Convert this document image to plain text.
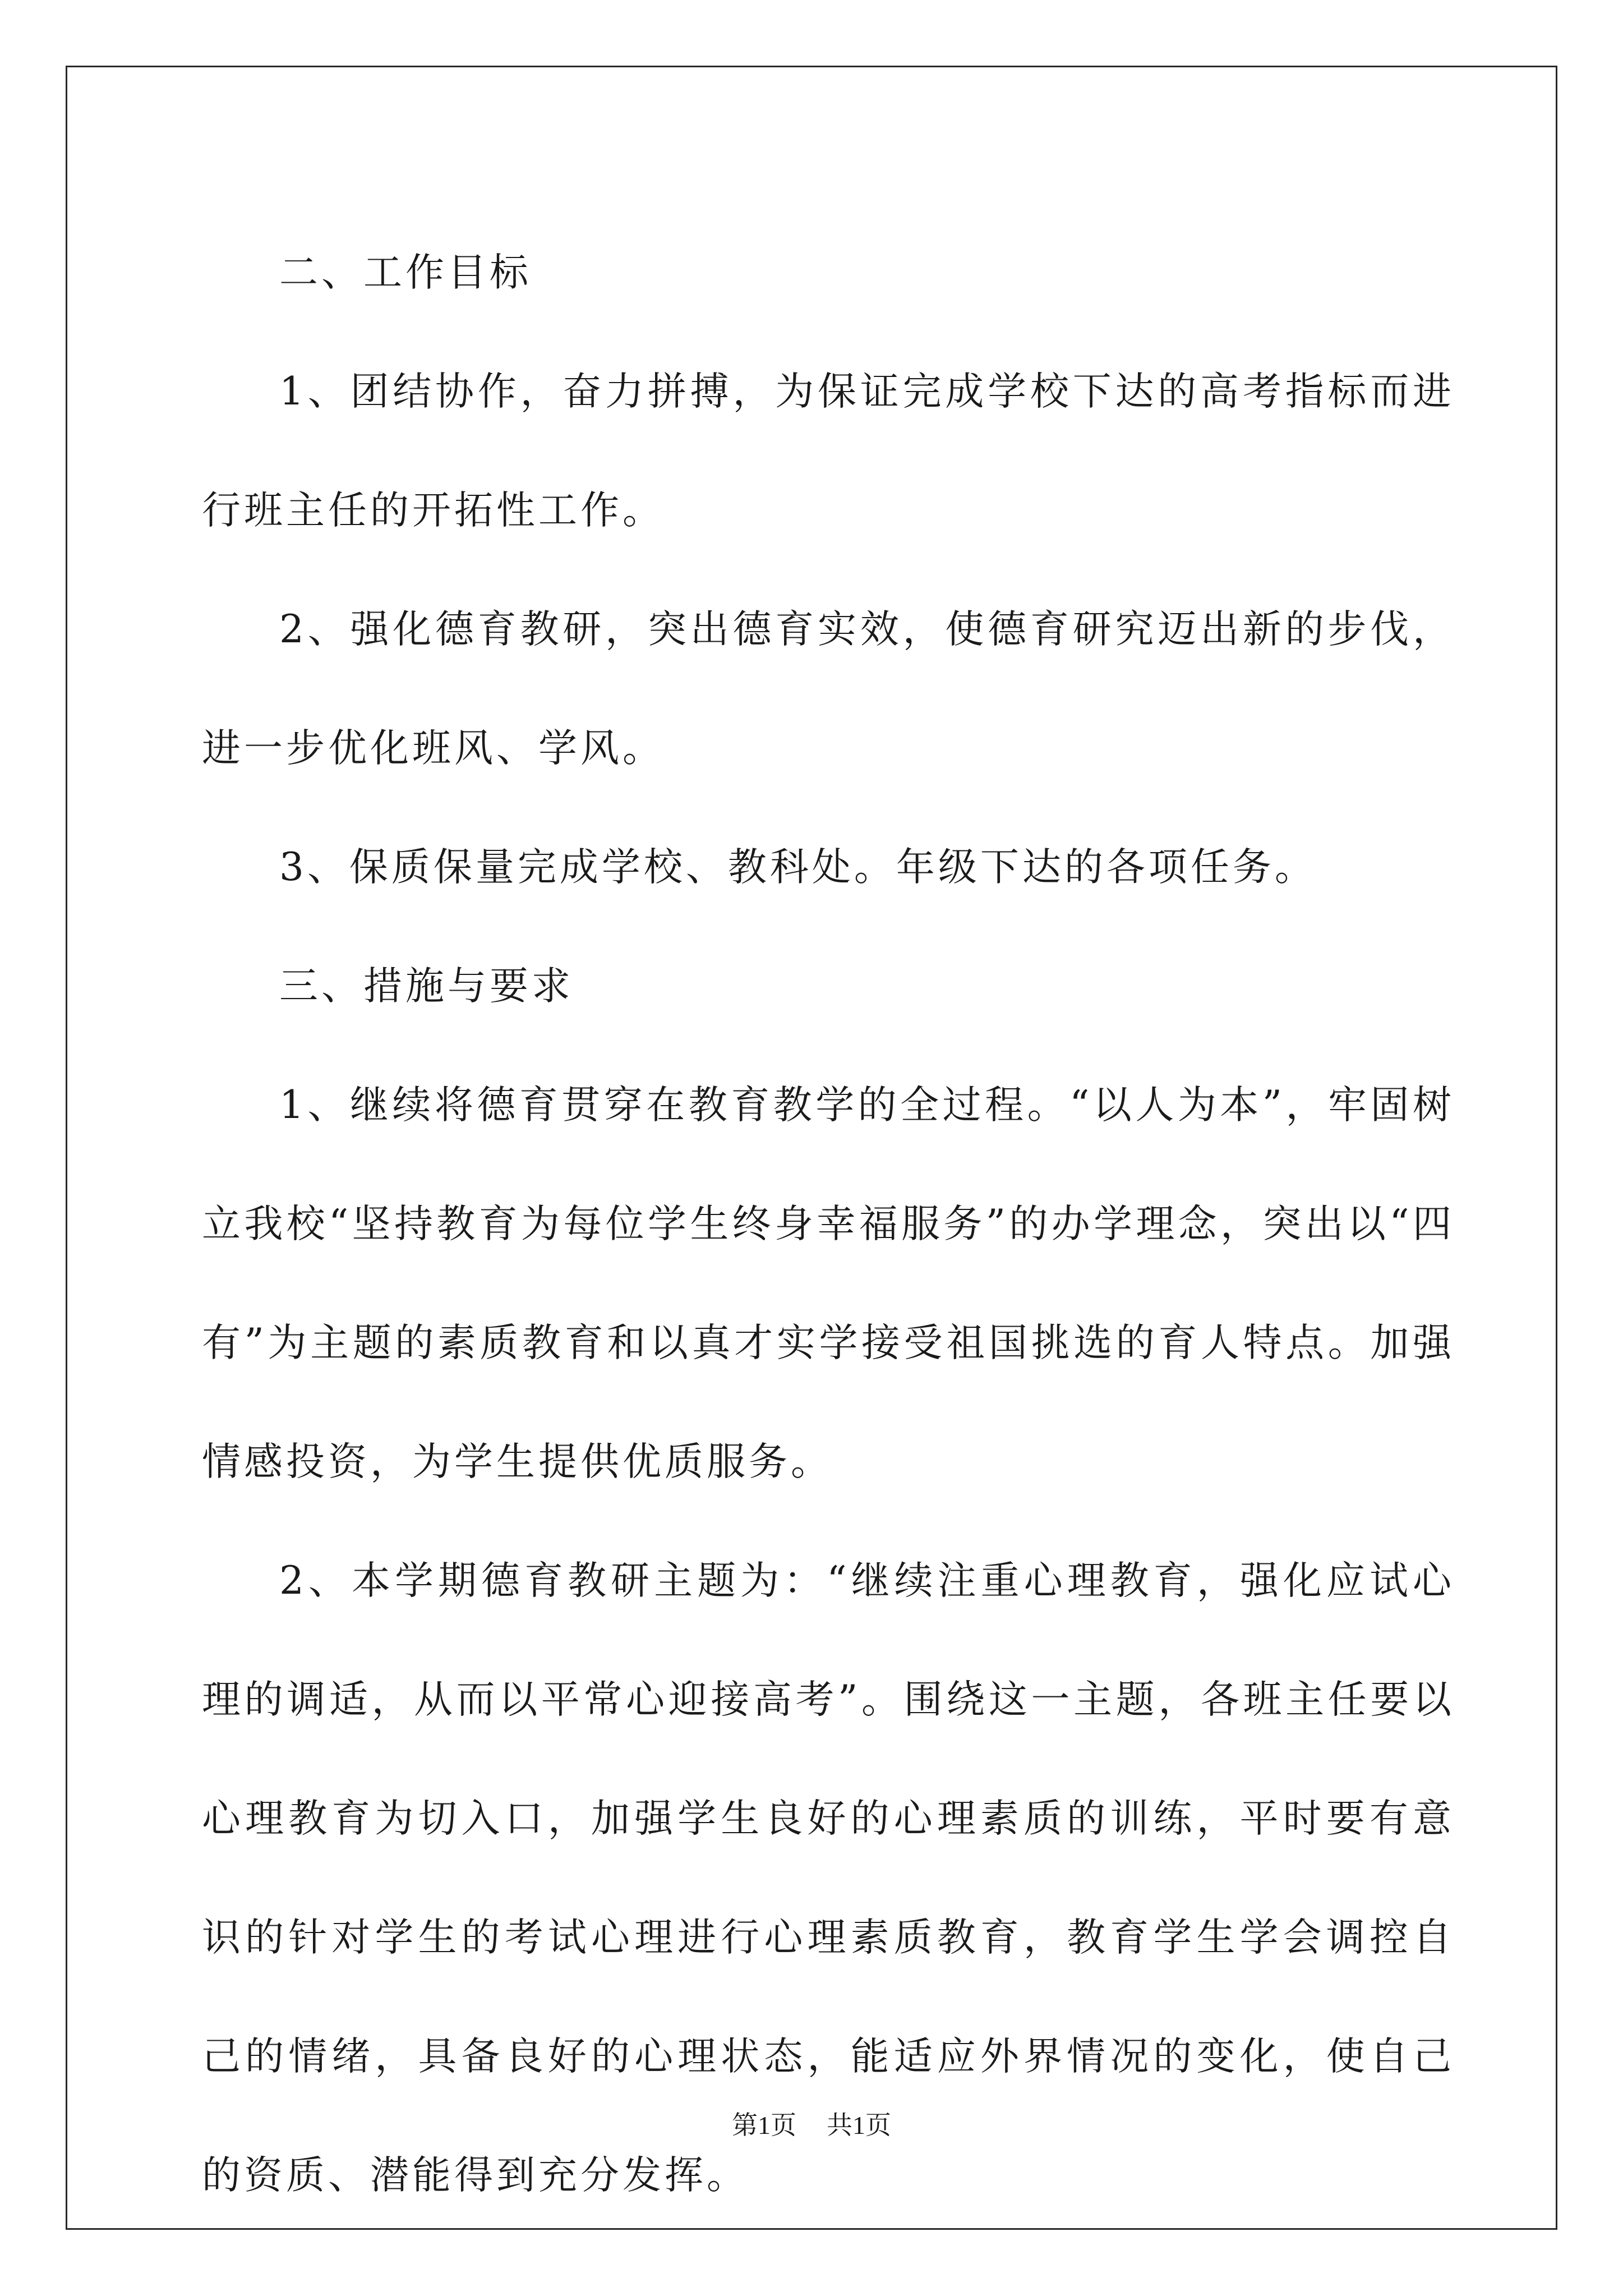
二、工作目标

1、团结协作，奋力拼搏，为保证完成学校下达的高考指标而进行班主任的开拓性工作。

2、强化德育教研，突出德育实效，使德育研究迈出新的步伐，进一步优化班风、学风。

3、保质保量完成学校、教科处。年级下达的各项任务。

三、措施与要求

1、继续将德育贯穿在教育教学的全过程。“以人为本”，牢固树立我校“坚持教育为每位学生终身幸福服务”的办学理念，突出以“四有”为主题的素质教育和以真才实学接受祖国挑选的育人特点。加强情感投资，为学生提供优质服务。

2、本学期德育教研主题为：“继续注重心理教育，强化应试心理的调适，从而以平常心迎接高考”。围绕这一主题，各班主任要以心理教育为切入口，加强学生良好的心理素质的训练，平时要有意识的针对学生的考试心理进行心理素质教育，教育学生学会调控自己的情绪，具备良好的心理状态，能适应外界情况的变化，使自己的资质、潜能得到充分发挥。

第1页 共1页
